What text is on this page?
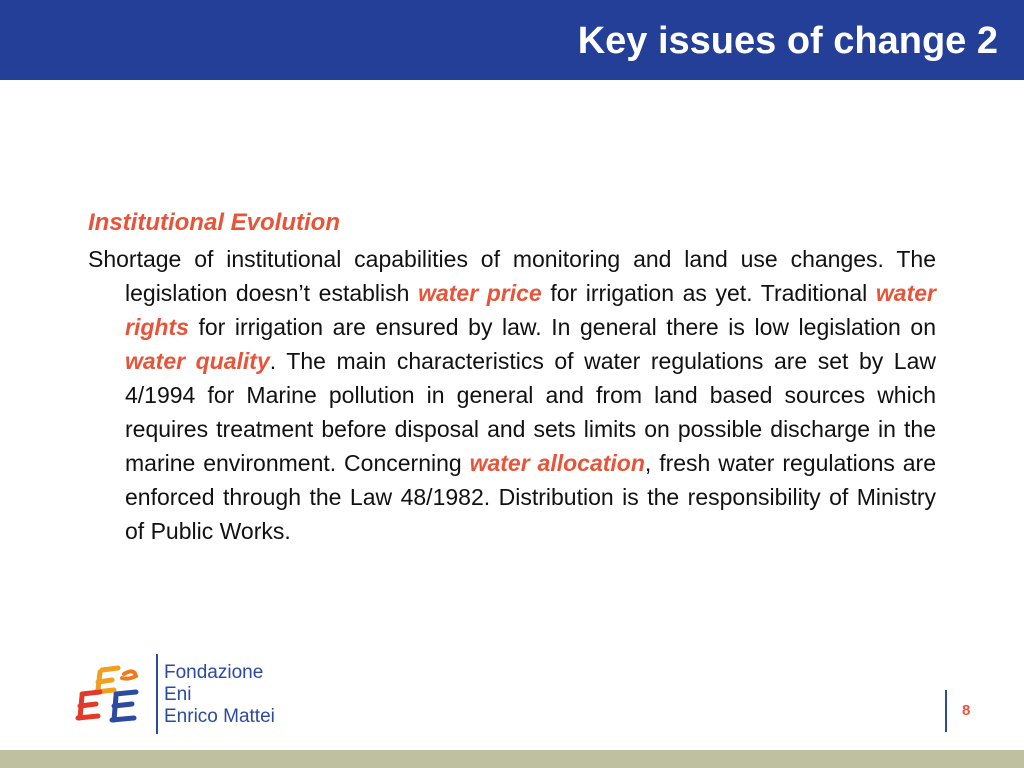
Key issues of change 2

Institutional Evolution

Shortage of institutional capabilities of monitoring and land use changes. The legislation doesn’t establish water price for irrigation as yet. Traditional water rights for irrigation are ensured by law. In general there is low legislation on water quality. The main characteristics of water regulations are set by Law 4/1994 for Marine pollution in general and from land based sources which requires treatment before disposal and sets limits on possible discharge in the marine environment. Concerning water allocation, fresh water regulations are enforced through the Law 48/1982. Distribution is the responsibility of Ministry of Public Works.

Fondazione
Eni
Enrico Mattei	8
